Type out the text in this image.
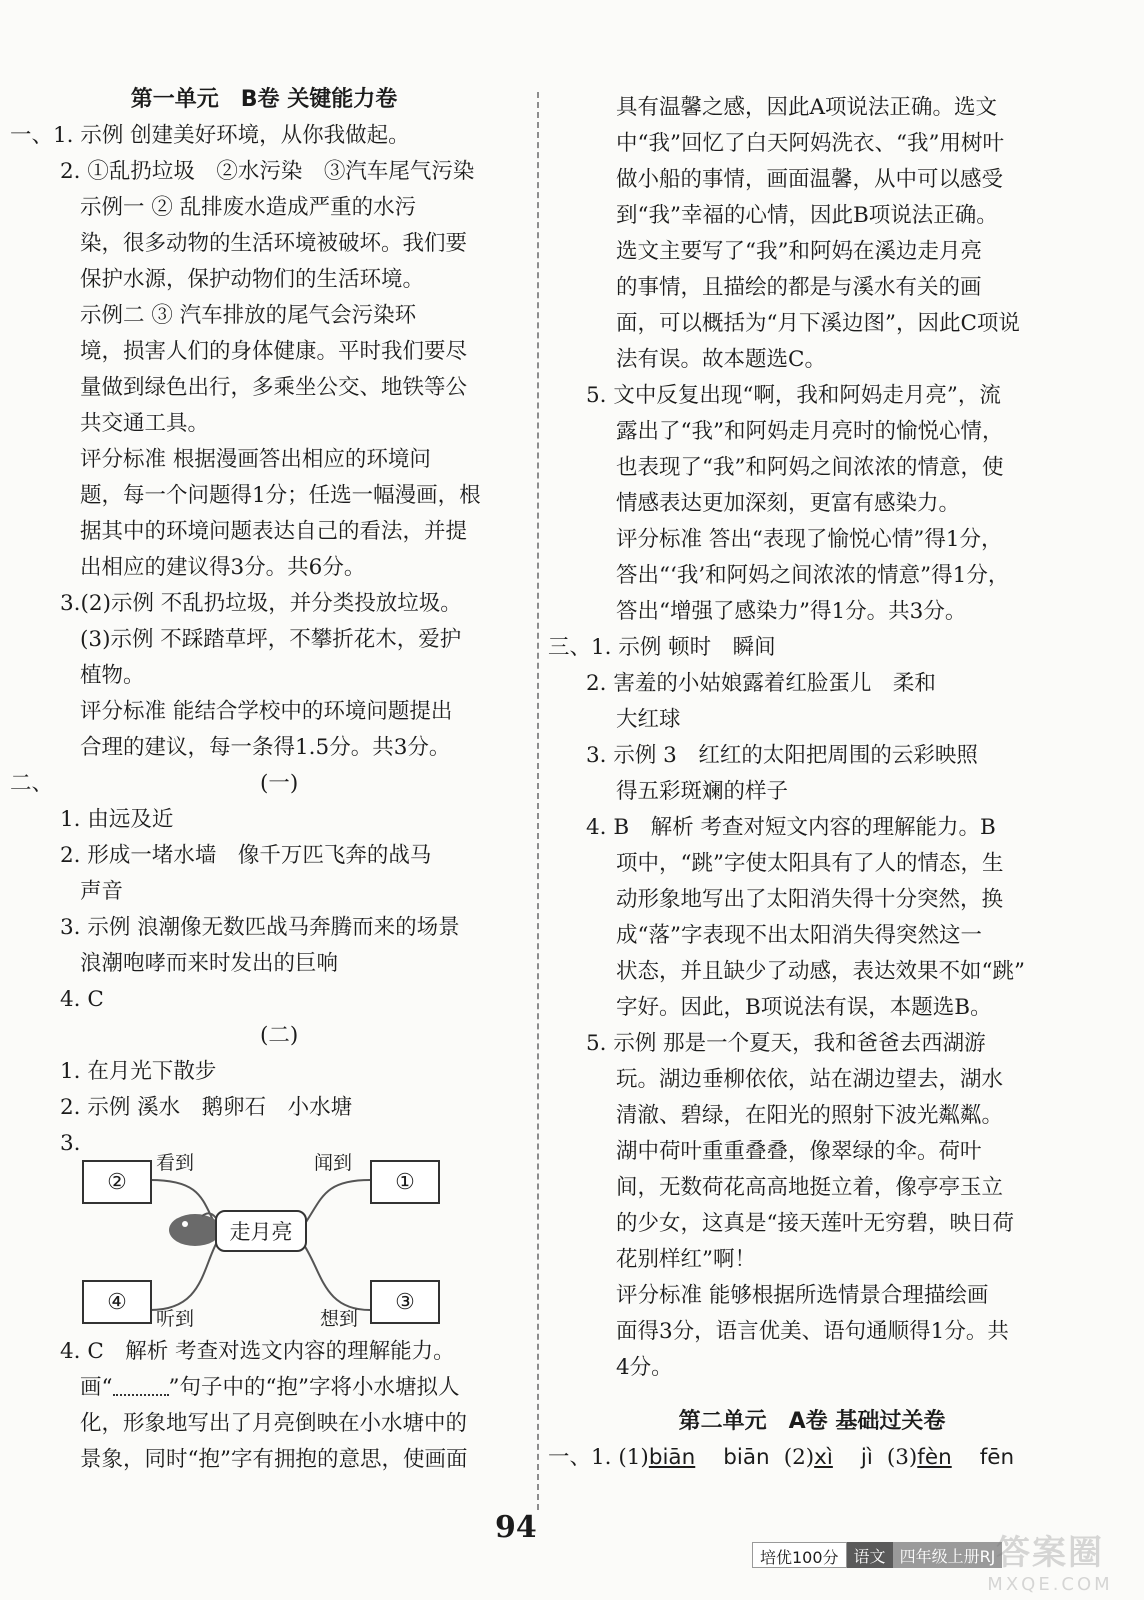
第一单元　B卷 关键能力卷
一、1. 示例 创建美好环境，从你我做起。
2. ①乱扔垃圾　②水污染　③汽车尾气污染
示例一 ② 乱排废水造成严重的水污
染，很多动物的生活环境被破坏。我们要
保护水源，保护动物们的生活环境。
示例二 ③ 汽车排放的尾气会污染环
境，损害人们的身体健康。平时我们要尽
量做到绿色出行，多乘坐公交、地铁等公
共交通工具。
评分标准 根据漫画答出相应的环境问
题，每一个问题得1分；任选一幅漫画，根
据其中的环境问题表达自己的看法，并提
出相应的建议得3分。共6分。
3.(2)示例 不乱扔垃圾，并分类投放垃圾。
(3)示例 不踩踏草坪，不攀折花木，爱护
植物。
评分标准 能结合学校中的环境问题提出
合理的建议，每一条得1.5分。共3分。
二、	(一)
1. 由远及近
2. 形成一堵水墙　像千万匹飞奔的战马
声音
3. 示例 浪潮像无数匹战马奔腾而来的场景
浪潮咆哮而来时发出的巨响
4. C
(二)
1. 在月光下散步
2. 示例 溪水　鹅卵石　小水塘
3.
②
看到
①
闻到
走月亮
④
听到
③
想到
4. C　解析 考查对选文内容的理解能力。
画“	”句子中的“抱”字将小水塘拟人
化，形象地写出了月亮倒映在小水塘中的
景象，同时“抱”字有拥抱的意思，使画面
具有温馨之感，因此A项说法正确。选文
中“我”回忆了白天阿妈洗衣、“我”用树叶
做小船的事情，画面温馨，从中可以感受
到“我”幸福的心情，因此B项说法正确。
选文主要写了“我”和阿妈在溪边走月亮
的事情，且描绘的都是与溪水有关的画
面，可以概括为“月下溪边图”，因此C项说
法有误。故本题选C。
5. 文中反复出现“啊，我和阿妈走月亮”，流
露出了“我”和阿妈走月亮时的愉悦心情，
也表现了“我”和阿妈之间浓浓的情意，使
情感表达更加深刻，更富有感染力。
评分标准 答出“表现了愉悦心情”得1分，
答出“‘我’和阿妈之间浓浓的情意”得1分，
答出“增强了感染力”得1分。共3分。
三、1. 示例 顿时　瞬间
2. 害羞的小姑娘露着红脸蛋儿　柔和
大红球
3. 示例 3　红红的太阳把周围的云彩映照
得五彩斑斓的样子
4. B　解析 考查对短文内容的理解能力。B
项中，“跳”字使太阳具有了人的情态，生
动形象地写出了太阳消失得十分突然，换
成“落”字表现不出太阳消失得突然这一
状态，并且缺少了动感，表达效果不如“跳”
字好。因此，B项说法有误，本题选B。
5. 示例 那是一个夏天，我和爸爸去西湖游
玩。湖边垂柳依依，站在湖边望去，湖水
清澈、碧绿，在阳光的照射下波光粼粼。
湖中荷叶重重叠叠，像翠绿的伞。荷叶
间，无数荷花高高地挺立着，像亭亭玉立
的少女，这真是“接天莲叶无穷碧，映日荷
花别样红”啊！
评分标准 能够根据所选情景合理描绘画
面得3分，语言优美、语句通顺得1分。共
4分。
第二单元　A卷 基础过关卷
一、1. (1)biān biān (2)xì jì (3)fèn fēn
94
培优100分 语文 四年级上册RJ 答案圈
MXQE.COM
